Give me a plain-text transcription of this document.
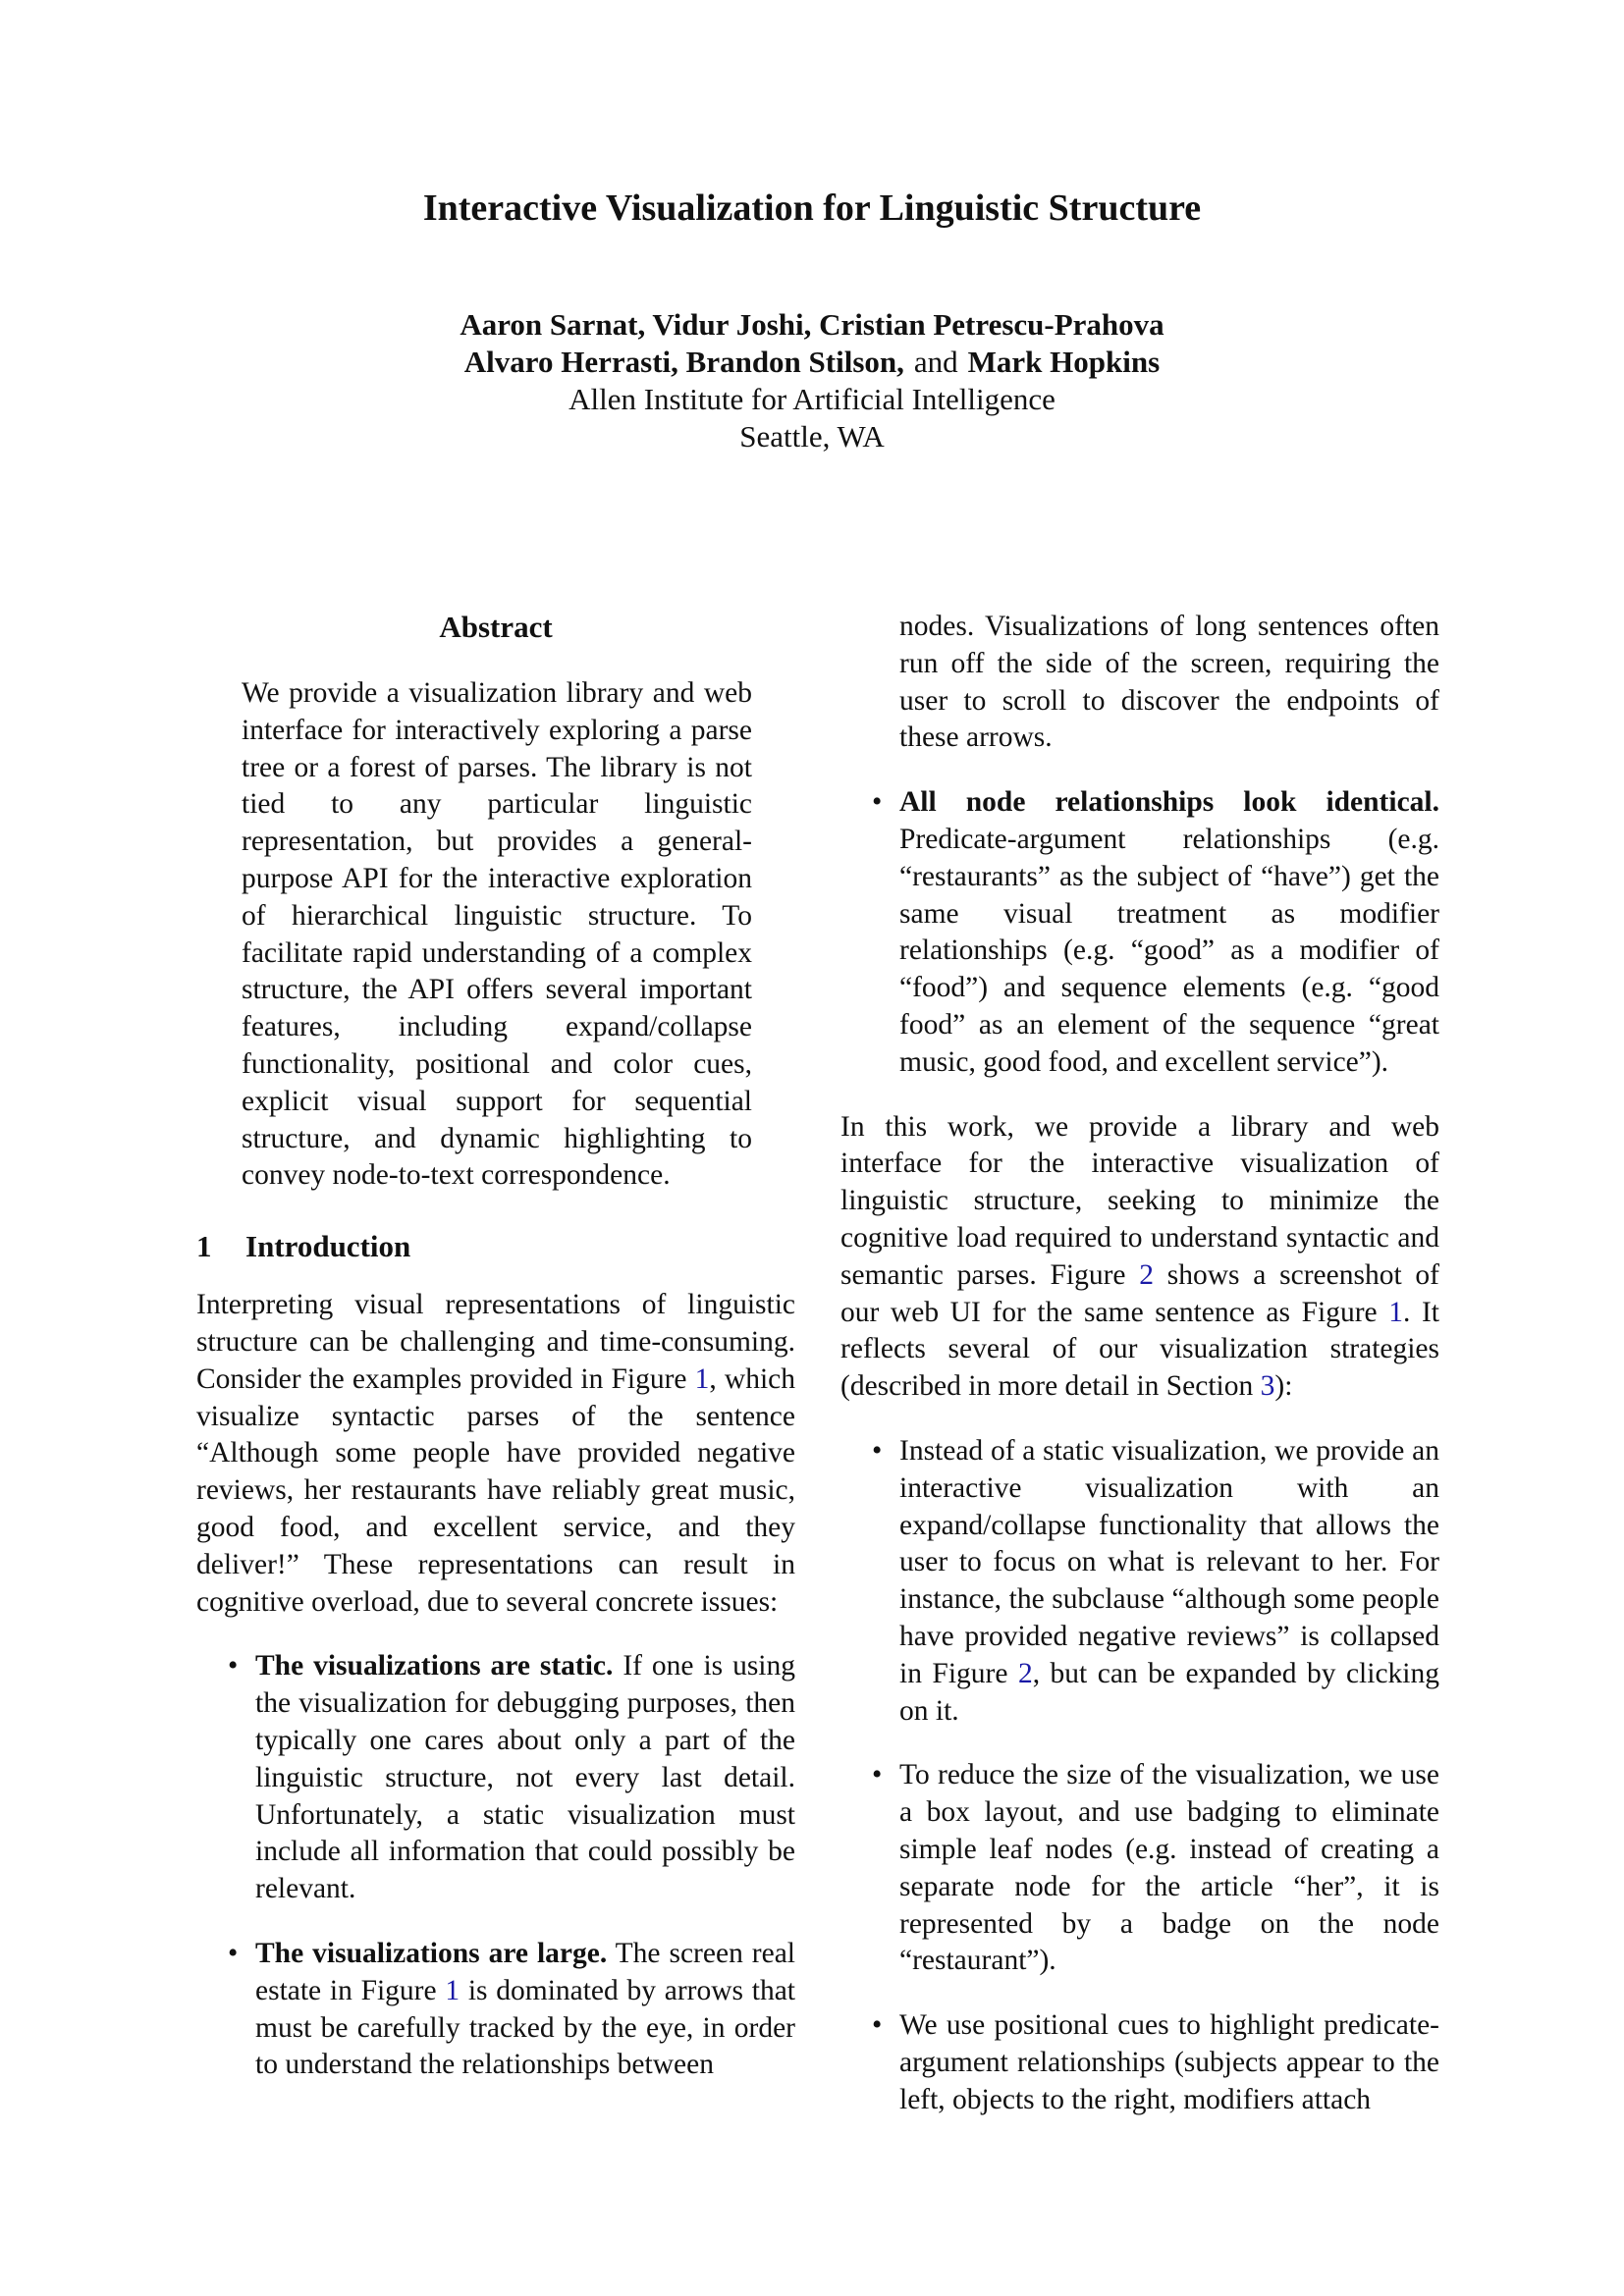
Interactive Visualization for Linguistic Structure
Aaron Sarnat, Vidur Joshi, Cristian Petrescu-Prahova
Alvaro Herrasti, Brandon Stilson, and Mark Hopkins
Allen Institute for Artificial Intelligence
Seattle, WA
Abstract

We provide a visualization library and web interface for interactively exploring a parse tree or a forest of parses. The library is not tied to any particular linguistic representation, but provides a general-purpose API for the interactive exploration of hierarchical linguistic structure. To facilitate rapid understanding of a complex structure, the API offers several important features, including expand/collapse functionality, positional and color cues, explicit visual support for sequential structure, and dynamic highlighting to convey node-to-text correspondence.

1 Introduction

Interpreting visual representations of linguistic structure can be challenging and time-consuming. Consider the examples provided in Figure 1, which visualize syntactic parses of the sentence “Although some people have provided negative reviews, her restaurants have reliably great music, good food, and excellent service, and they deliver!” These representations can result in cognitive overload, due to several concrete issues:

• The visualizations are static. If one is using the visualization for debugging purposes, then typically one cares about only a part of the linguistic structure, not every last detail. Unfortunately, a static visualization must include all information that could possibly be relevant.
• The visualizations are large. The screen real estate in Figure 1 is dominated by arrows that must be carefully tracked by the eye, in order to understand the relationships between
nodes. Visualizations of long sentences often run off the side of the screen, requiring the user to scroll to discover the endpoints of these arrows.
• All node relationships look identical. Predicate-argument relationships (e.g. “restaurants” as the subject of “have”) get the same visual treatment as modifier relationships (e.g. “good” as a modifier of “food”) and sequence elements (e.g. “good food” as an element of the sequence “great music, good food, and excellent service”).

In this work, we provide a library and web interface for the interactive visualization of linguistic structure, seeking to minimize the cognitive load required to understand syntactic and semantic parses. Figure 2 shows a screenshot of our web UI for the same sentence as Figure 1. It reflects several of our visualization strategies (described in more detail in Section 3):

• Instead of a static visualization, we provide an interactive visualization with an expand/collapse functionality that allows the user to focus on what is relevant to her. For instance, the subclause “although some people have provided negative reviews” is collapsed in Figure 2, but can be expanded by clicking on it.
• To reduce the size of the visualization, we use a box layout, and use badging to eliminate simple leaf nodes (e.g. instead of creating a separate node for the article “her”, it is represented by a badge on the node “restaurant”).
• We use positional cues to highlight predicate-argument relationships (subjects appear to the left, objects to the right, modifiers attach
